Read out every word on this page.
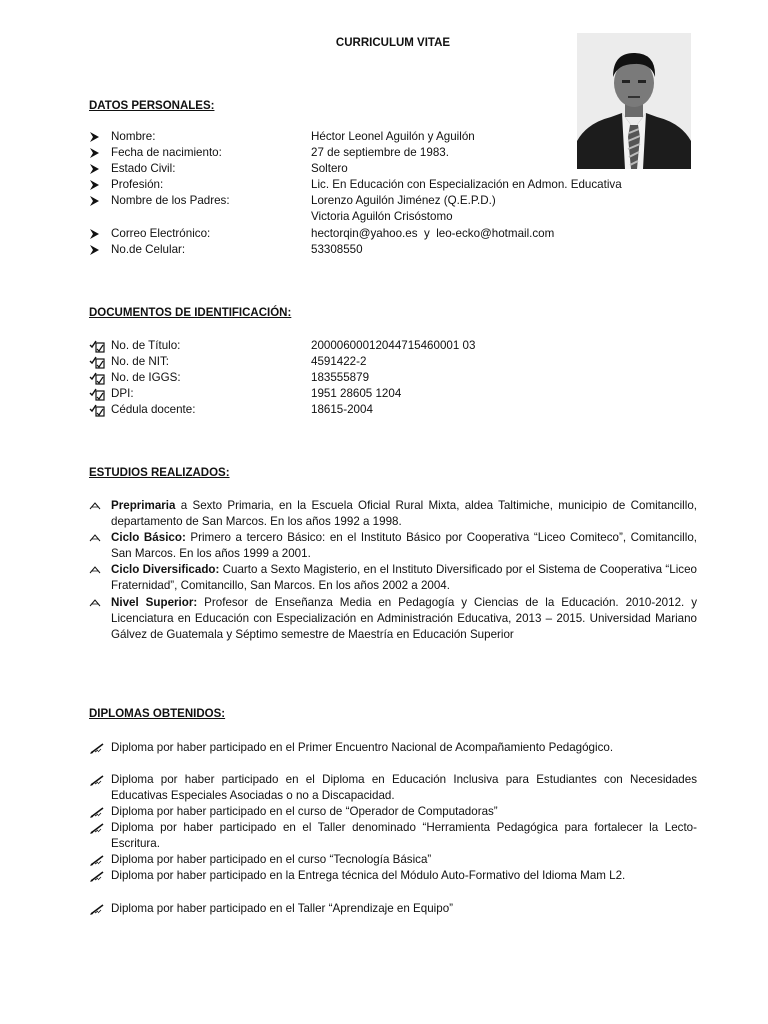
CURRICULUM VITAE
DATOS PERSONALES:
Nombre:	Héctor Leonel Aguilón y Aguilón
Fecha de nacimiento:	27 de septiembre de 1983.
Estado Civil:	Soltero
Profesión:	Lic. En Educación con Especialización en Admon. Educativa
Nombre de los Padres:	Lorenzo Aguilón Jiménez (Q.E.P.D.)
Victoria Aguilón Crisóstomo
Correo Electrónico:	hectorqin@yahoo.es  y  leo-ecko@hotmail.com
No.de Celular:	53308550
DOCUMENTOS DE IDENTIFICACIÓN:
No. de Título:	20000600012044715460001 03
No. de NIT:	4591422-2
No. de IGGS:	183555879
DPI:	1951 28605 1204
Cédula docente:	18615-2004
ESTUDIOS REALIZADOS:
Preprimaria a Sexto Primaria, en la Escuela Oficial Rural Mixta, aldea Taltimiche, municipio de Comitancillo, departamento de San Marcos. En los años 1992 a 1998.
Ciclo Básico: Primero a tercero Básico: en el Instituto Básico por Cooperativa “Liceo Comiteco”, Comitancillo, San Marcos. En los años 1999 a 2001.
Ciclo Diversificado: Cuarto a Sexto Magisterio, en el Instituto Diversificado por el Sistema de Cooperativa “Liceo Fraternidad”, Comitancillo, San Marcos. En los años 2002 a 2004.
Nivel Superior: Profesor de Enseñanza Media en Pedagogía y Ciencias de la Educación. 2010-2012. y Licenciatura en Educación con Especialización en Administración Educativa, 2013 – 2015. Universidad Mariano Gálvez de Guatemala y Séptimo semestre de Maestría en Educación Superior
DIPLOMAS OBTENIDOS:
Diploma por haber participado en el Primer Encuentro Nacional de Acompañamiento Pedagógico.
Diploma por haber participado en el Diploma en Educación Inclusiva para Estudiantes con Necesidades Educativas Especiales Asociadas o no a Discapacidad.
Diploma por haber participado en el curso de “Operador de Computadoras”
Diploma por haber participado en el Taller denominado “Herramienta Pedagógica para fortalecer la Lecto-Escritura.
Diploma por haber participado en el curso “Tecnología Básica”
Diploma por haber participado en la Entrega técnica del Módulo Auto-Formativo del Idioma Mam L2.
Diploma por haber participado en el Taller “Aprendizaje en Equipo”
